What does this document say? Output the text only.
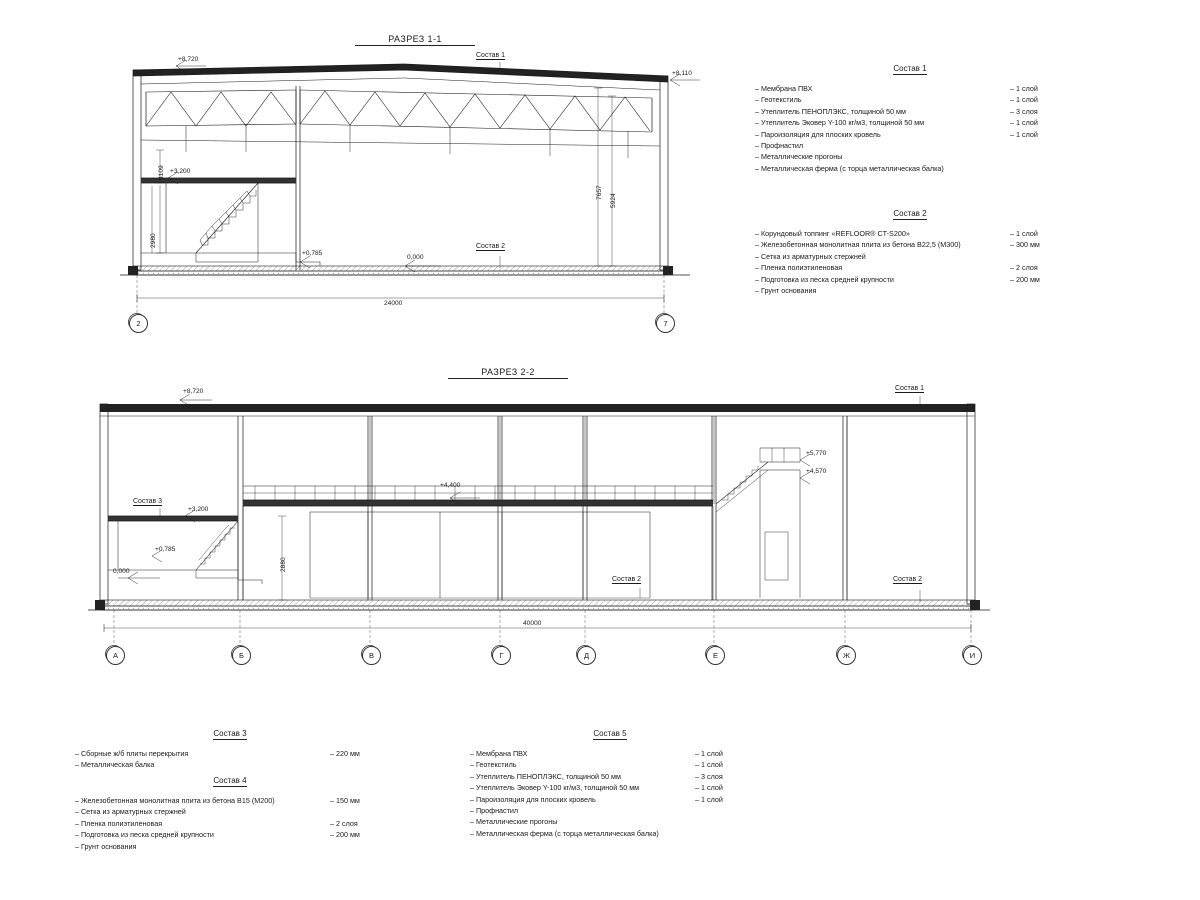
РАЗРЕЗ 1-1
+8,720
+8,110
+3,200
+0,785
0,000
3109
2980
7657
5924
24000
2	7
Состав 1
Состав 2
РАЗРЕЗ 2-2
+8,720
+3,200
+0,785
0,000
+4,400
+5,770
+4,570
2880
Состав 1
Состав 3
Состав 2	Состав 2
40000
А	Б	В	Г	Д	Е	Ж	И
Состав 1
– Мембрана ПВХ	– 1 слой
– Геотекстиль	– 1 слой
– Утеплитель ПЕНОПЛЭКС, толщиной 50 мм	– 3 слоя
– Утеплитель Эковер Y-100 кг/м3, толщиной 50 мм	– 1 слой
– Пароизоляция для плоских кровель	– 1 слой
– Профнастил
– Металлические прогоны
– Металлическая ферма (с торца металлическая балка)
Состав 2
– Корундовый топпинг «REFLOOR® CT-S200»	– 1 слой
– Железобетонная монолитная плита из бетона В22,5 (М300)	– 300 мм
– Сетка из арматурных стержней
– Пленка полиэтиленовая	– 2 слоя
– Подготовка из песка средней крупности	– 200 мм
– Грунт основания
Состав 3
– Сборные ж/б плиты перекрытия	– 220 мм
– Металлическая балка
Состав 4
– Железобетонная монолитная плита из бетона В15 (М200)	– 150 мм
– Сетка из арматурных стержней
– Пленка полиэтиленовая	– 2 слоя
– Подготовка из песка средней крупности	– 200 мм
– Грунт основания
Состав 5
– Мембрана ПВХ	– 1 слой
– Геотекстиль	– 1 слой
– Утеплитель ПЕНОПЛЭКС, толщиной 50 мм	– 3 слоя
– Утеплитель Эковер Y-100 кг/м3, толщиной 50 мм	– 1 слой
– Пароизоляция для плоских кровель	– 1 слой
– Профнастил
– Металлические прогоны
– Металлическая ферма (с торца металлическая балка)
